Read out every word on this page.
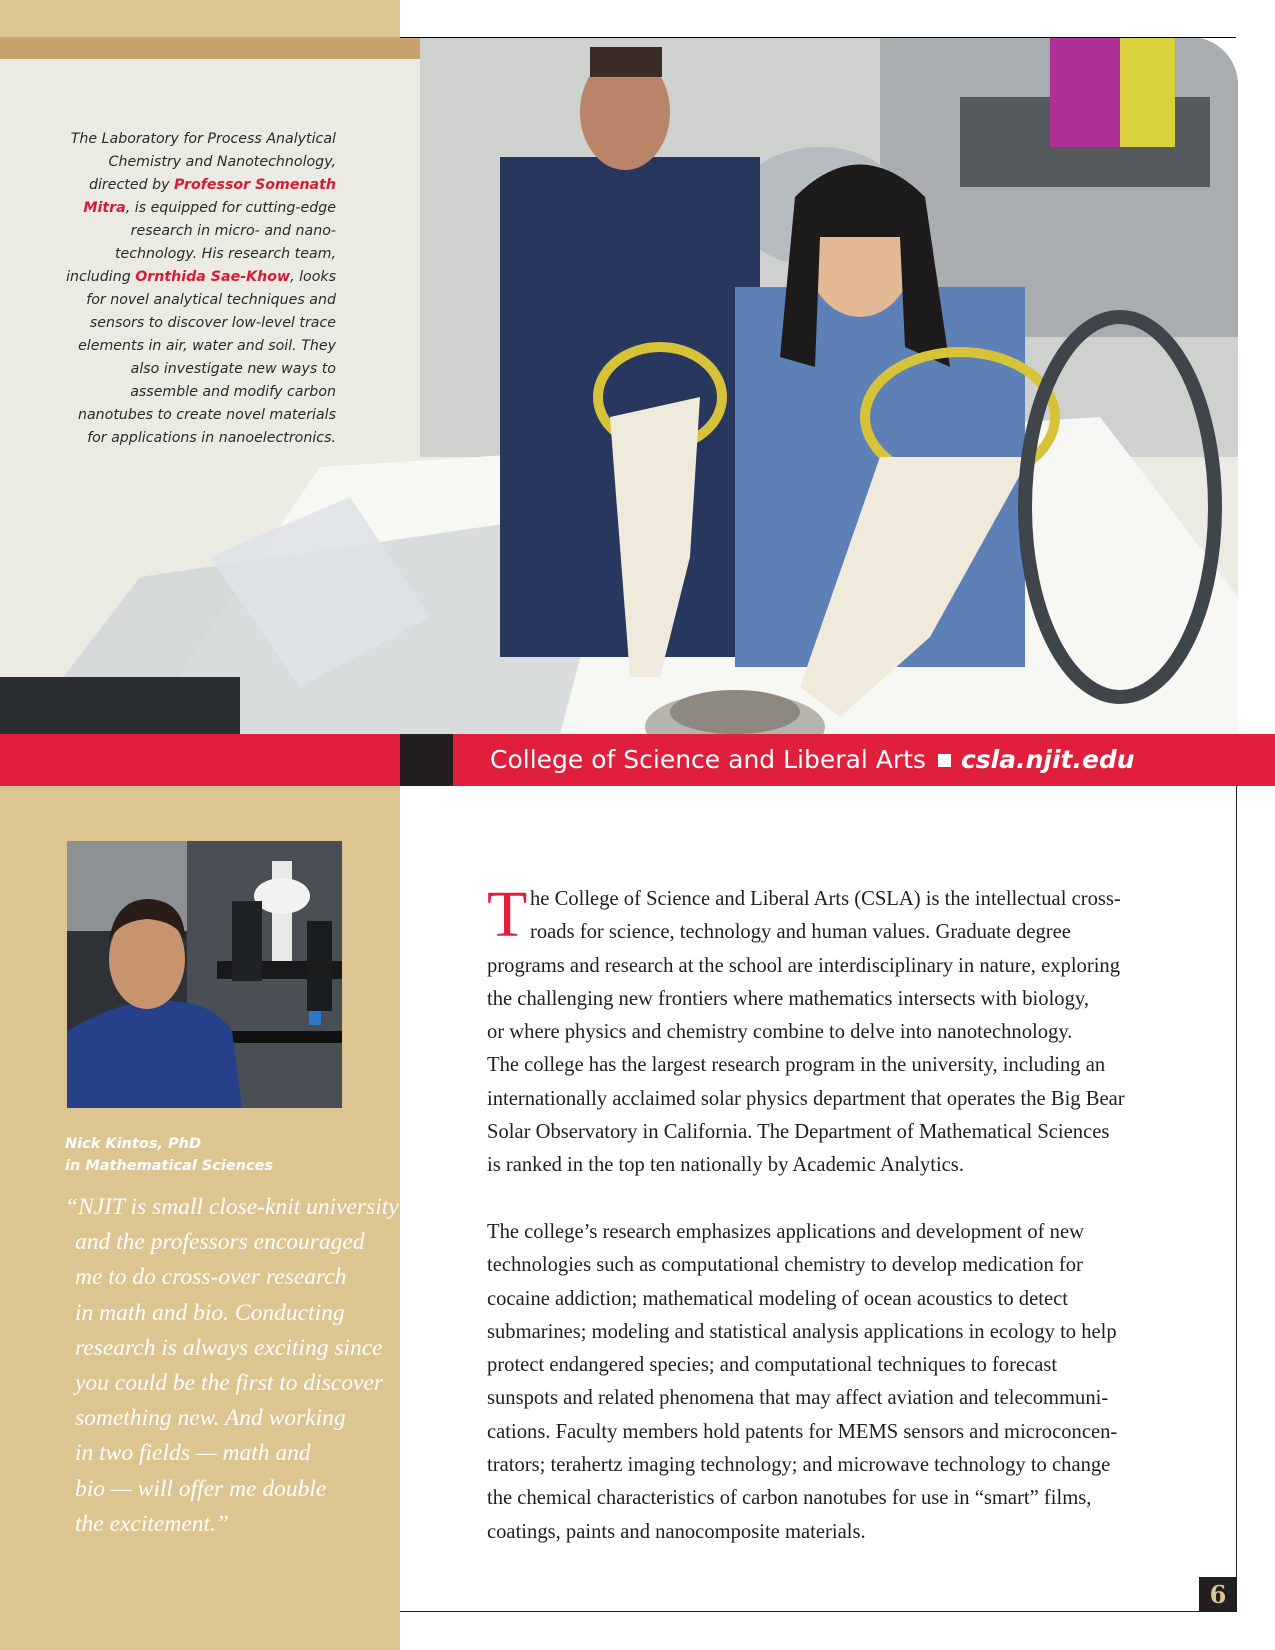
The Laboratory for Process Analytical Chemistry and Nanotechnology, directed by Professor Somenath Mitra, is equipped for cutting-edge research in micro- and nano-technology. His research team, including Ornthida Sae-Khow, looks for novel analytical techniques and sensors to discover low-level trace elements in air, water and soil. They also investigate new ways to assemble and modify carbon nanotubes to create novel materials for applications in nanoelectronics.
College of Science and Liberal Arts csla.njit.edu
Nick Kintos, PhD
in Mathematical Sciences
“NJIT is small close-knit university
and the professors encouraged
me to do cross-over research
in math and bio. Conducting
research is always exciting since
you could be the first to discover
something new. And working
in two fields — math and
bio — will offer me double
the excitement.”
T he College of Science and Liberal Arts (CSLA) is the intellectual cross-
roads for science, technology and human values. Graduate degree
programs and research at the school are interdisciplinary in nature, exploring
the challenging new frontiers where mathematics intersects with biology,
or where physics and chemistry combine to delve into nanotechnology.
The college has the largest research program in the university, including an
internationally acclaimed solar physics department that operates the Big Bear
Solar Observatory in California. The Department of Mathematical Sciences
is ranked in the top ten nationally by Academic Analytics.
The college’s research emphasizes applications and development of new
technologies such as computational chemistry to develop medication for
cocaine addiction; mathematical modeling of ocean acoustics to detect
submarines; modeling and statistical analysis applications in ecology to help
protect endangered species; and computational techniques to forecast
sunspots and related phenomena that may affect aviation and telecommuni-
cations. Faculty members hold patents for MEMS sensors and microconcen-
trators; terahertz imaging technology; and microwave technology to change
the chemical characteristics of carbon nanotubes for use in “smart” films,
coatings, paints and nanocomposite materials.
6
